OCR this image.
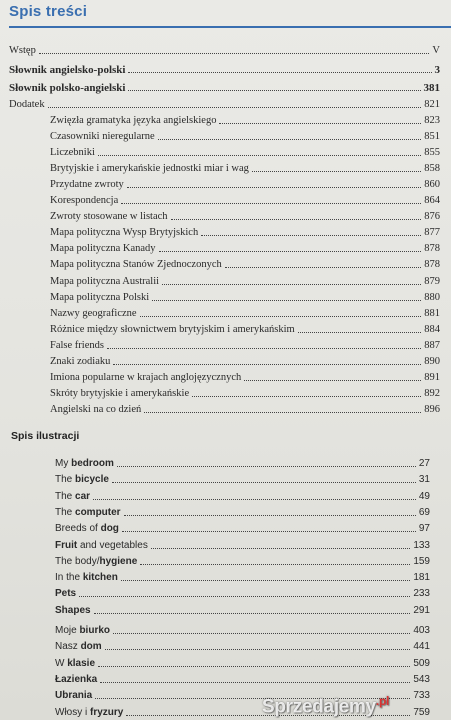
Spis treści
Wstęp	V
Słownik angielsko-polski	3
Słownik polsko-angielski	381
Dodatek	821
Zwięzła gramatyka języka angielskiego	823
Czasowniki nieregularne	851
Liczebniki	855
Brytyjskie i amerykańskie jednostki miar i wag	858
Przydatne zwroty	860
Korespondencja	864
Zwroty stosowane w listach	876
Mapa polityczna Wysp Brytyjskich	877
Mapa polityczna Kanady	878
Mapa polityczna Stanów Zjednoczonych	878
Mapa polityczna Australii	879
Mapa polityczna Polski	880
Nazwy geograficzne	881
Różnice między słownictwem brytyjskim i amerykańskim	884
False friends	887
Znaki zodiaku	890
Imiona popularne w krajach anglojęzycznych	891
Skróty brytyjskie i amerykańskie	892
Angielski na co dzień	896
Spis ilustracji
My bedroom	27
The bicycle	31
The car	49
The computer	69
Breeds of dog	97
Fruit and vegetables	133
The body/hygiene	159
In the kitchen	181
Pets	233
Shapes	291
Moje biurko	403
Nasz dom	441
W klasie	509
Łazienka	543
Ubrania	733
Włosy i fryzury	759
Sprzedajemy$^{.pl}$
